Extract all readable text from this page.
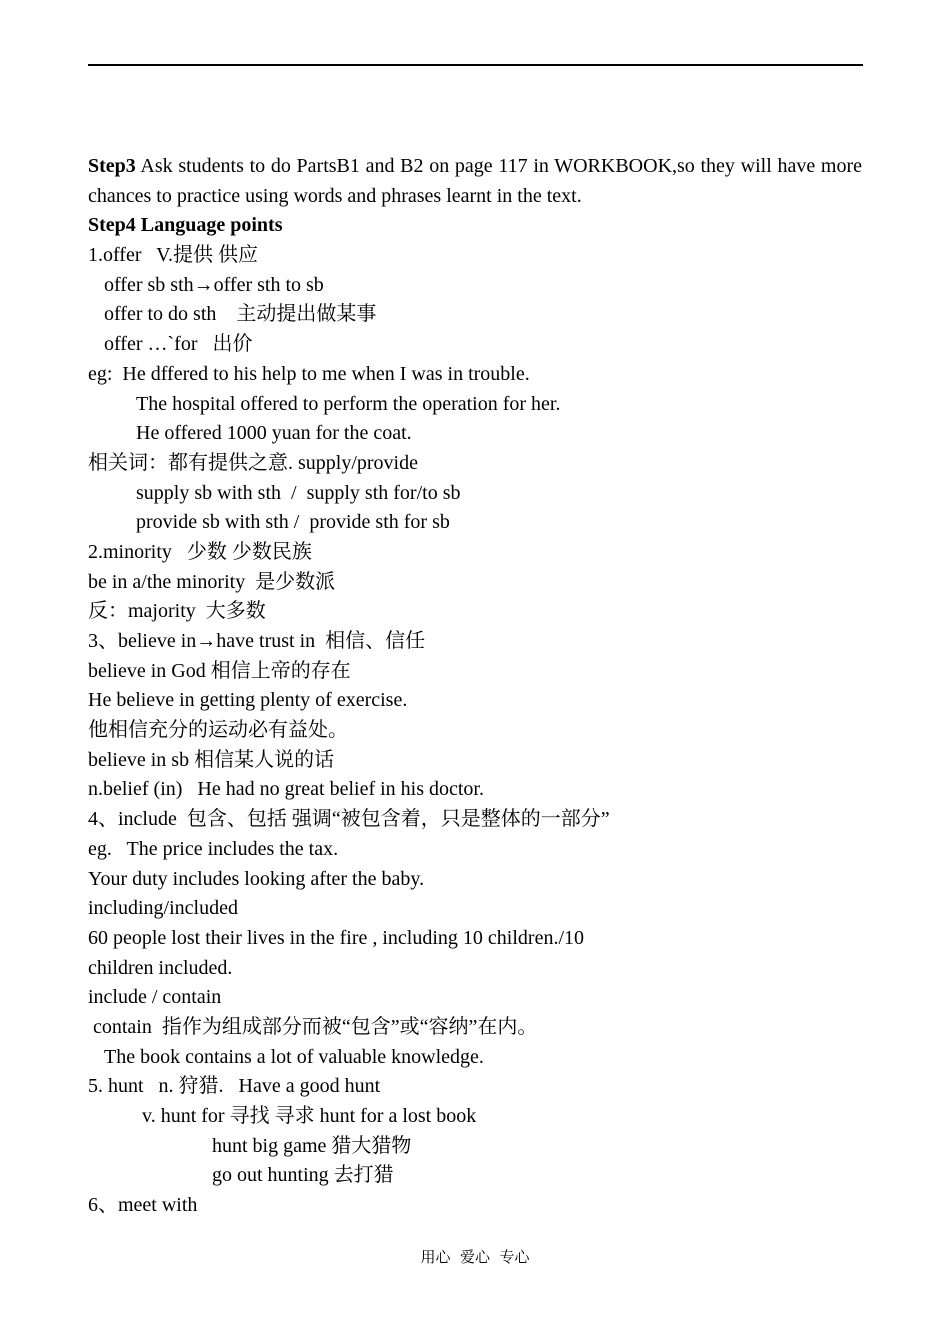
Step3 Ask students to do PartsB1 and B2 on page 117 in WORKBOOK,so they will have more chances to practice using words and phrases learnt in the text.
Step4 Language points
1.offer   V.提供 供应
offer sb sth→offer sth to sb
offer to do sth    主动提出做某事
offer …`for   出价
eg:  He dffered to his help to me when I was in trouble.
The hospital offered to perform the operation for her.
He offered 1000 yuan for the coat.
相关词：都有提供之意. supply/provide
supply sb with sth  /  supply sth for/to sb
provide sb with sth /  provide sth for sb
2.minority   少数 少数民族
be in a/the minority  是少数派
反：majority  大多数
3、believe in→have trust in  相信、信任
believe in God 相信上帝的存在
He believe in getting plenty of exercise.
他相信充分的运动必有益处。
believe in sb 相信某人说的话
n.belief (in)   He had no great belief in his doctor.
4、include  包含、包括 强调“被包含着，只是整体的一部分”
eg.   The price includes the tax.
Your duty includes looking after the baby.
including/included
60 people lost their lives in the fire , including 10 children./10
children included.
include / contain
contain  指作为组成部分而被“包含”或“容纳”在内。
The book contains a lot of valuable knowledge.
5. hunt   n. 狩猎.   Have a good hunt
v. hunt for 寻找 寻求 hunt for a lost book
hunt big game 猎大猎物
go out hunting 去打猎
6、meet with
用心  爱心  专心
